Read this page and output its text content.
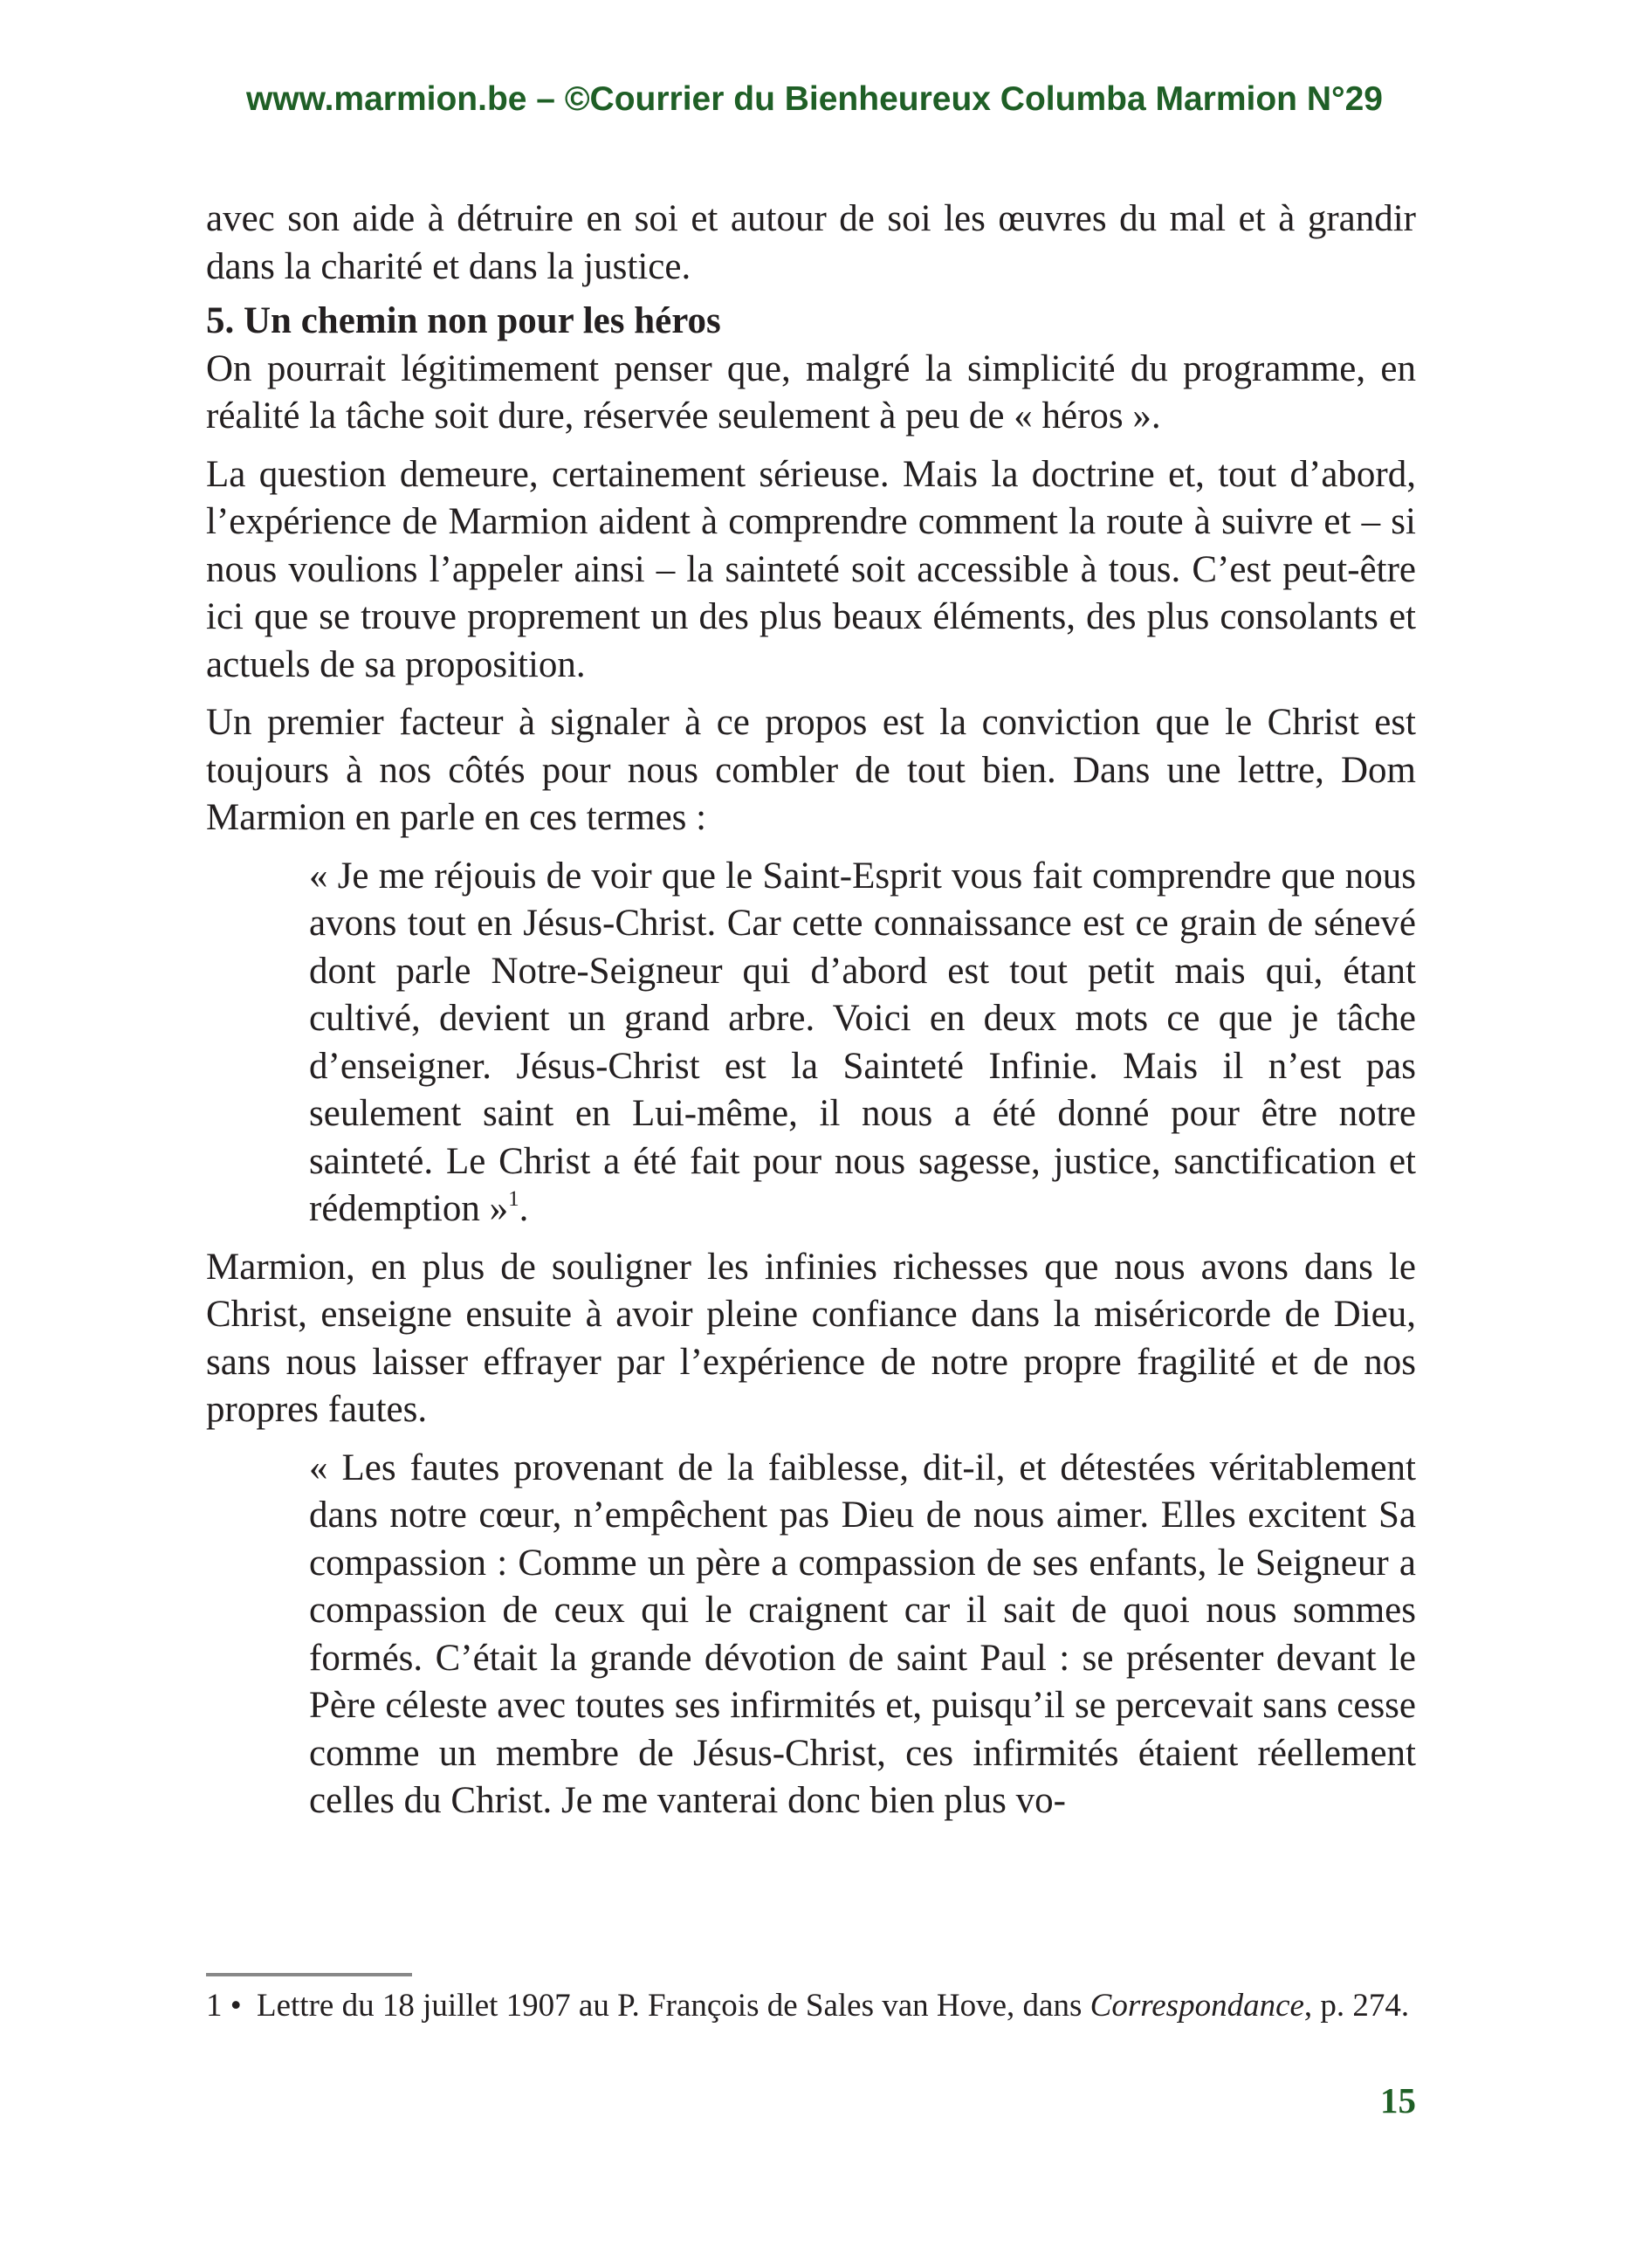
www.marmion.be – ©Courrier du Bienheureux Columba Marmion N°29

avec son aide à détruire en soi et autour de soi les œuvres du mal et à grandir dans la charité et dans la justice.

5. Un chemin non pour les héros

On pourrait légitimement penser que, malgré la simplicité du programme, en réalité la tâche soit dure, réservée seulement à peu de « héros ».

La question demeure, certainement sérieuse. Mais la doctrine et, tout d’abord, l’expérience de Marmion aident à comprendre comment la route à suivre et – si nous voulions l’appeler ainsi – la sainteté soit accessible à tous. C’est peut-être ici que se trouve proprement un des plus beaux éléments, des plus consolants et actuels de sa proposition.

Un premier facteur à signaler à ce propos est la conviction que le Christ est toujours à nos côtés pour nous combler de tout bien. Dans une lettre, Dom Marmion en parle en ces termes :

« Je me réjouis de voir que le Saint-Esprit vous fait comprendre que nous avons tout en Jésus-Christ. Car cette connaissance est ce grain de sénevé dont parle Notre-Seigneur qui d’abord est tout petit mais qui, étant cultivé, devient un grand arbre. Voici en deux mots ce que je tâche d’enseigner. Jésus-Christ est la Sainteté Infinie. Mais il n’est pas seulement saint en Lui-même, il nous a été donné pour être notre sainteté. Le Christ a été fait pour nous sagesse, justice, sanctification et rédemption »$^1$.

Marmion, en plus de souligner les infinies richesses que nous avons dans le Christ, enseigne ensuite à avoir pleine confiance dans la miséricorde de Dieu, sans nous laisser effrayer par l’expérience de notre propre fragilité et de nos propres fautes.

« Les fautes provenant de la faiblesse, dit-il, et détestées véritablement dans notre cœur, n’empêchent pas Dieu de nous aimer. Elles excitent Sa compassion : Comme un père a compassion de ses enfants, le Seigneur a compassion de ceux qui le craignent car il sait de quoi nous sommes formés. C’était la grande dévotion de saint Paul : se présenter devant le Père céleste avec toutes ses infirmités et, puisqu’il se percevait sans cesse comme un membre de Jésus-Christ, ces infirmités étaient réellement celles du Christ. Je me vanterai donc bien plus vo-
1 • Lettre du 18 juillet 1907 au P. François de Sales van Hove, dans Correspondance, p. 274.
15
